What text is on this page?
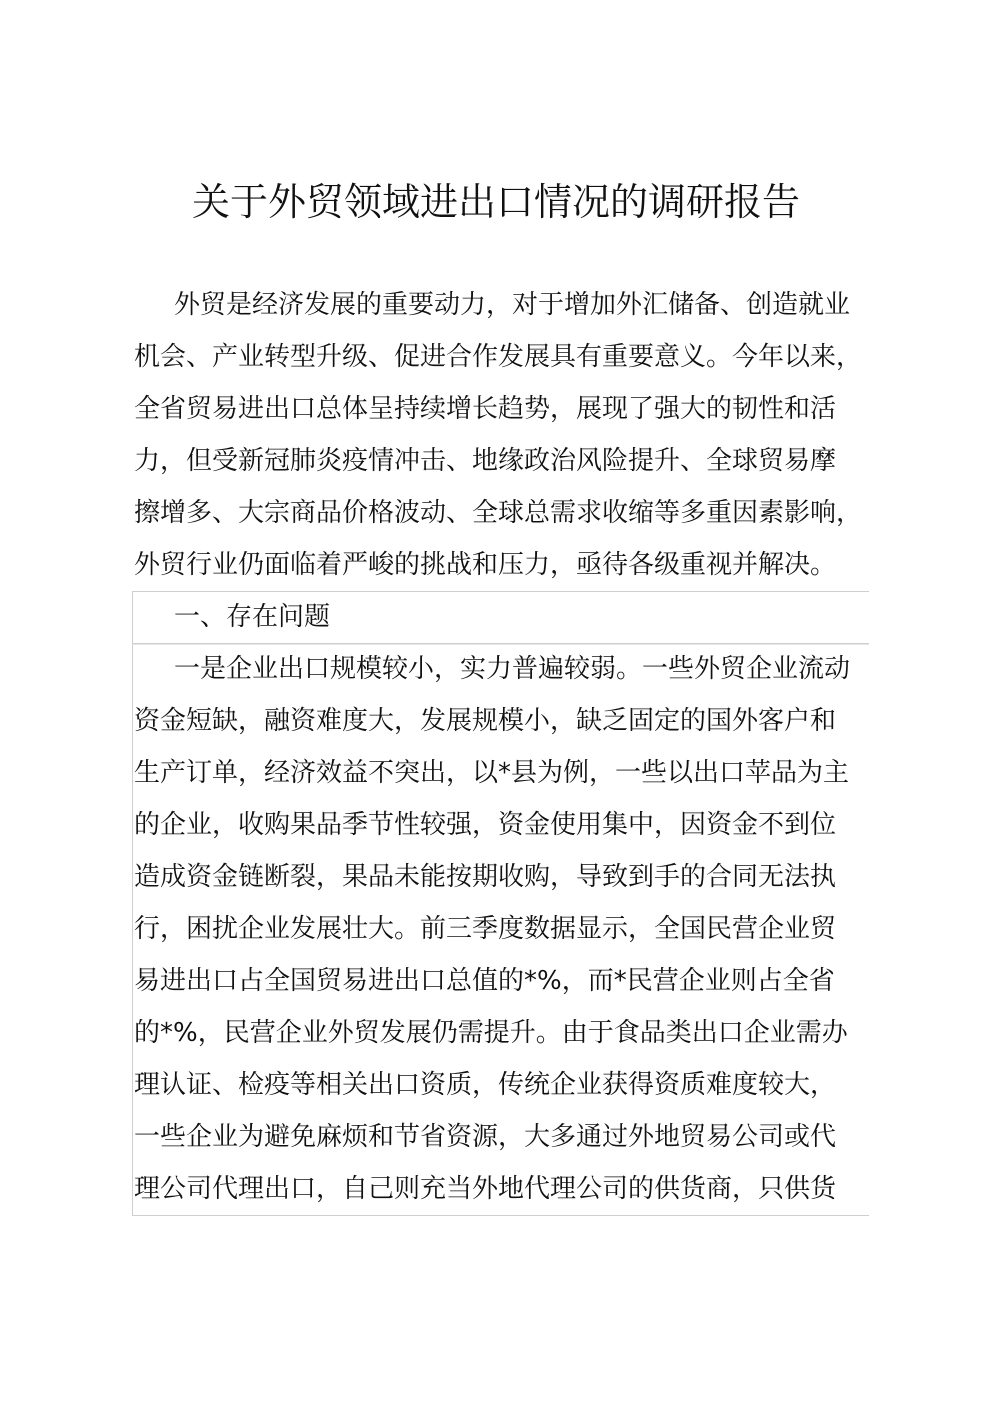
关于外贸领域进出口情况的调研报告

外贸是经济发展的重要动力，对于增加外汇储备、创造就业

机会、产业转型升级、促进合作发展具有重要意义。今年以来，

全省贸易进出口总体呈持续增长趋势，展现了强大的韧性和活

力，但受新冠肺炎疫情冲击、地缘政治风险提升、全球贸易摩

擦增多、大宗商品价格波动、全球总需求收缩等多重因素影响，

外贸行业仍面临着严峻的挑战和压力，亟待各级重视并解决。

一、存在问题

一是企业出口规模较小，实力普遍较弱。一些外贸企业流动

资金短缺，融资难度大，发展规模小，缺乏固定的国外客户和

生产订单，经济效益不突出，以*县为例，一些以出口苹品为主

的企业，收购果品季节性较强，资金使用集中，因资金不到位

造成资金链断裂，果品未能按期收购，导致到手的合同无法执

行，困扰企业发展壮大。前三季度数据显示，全国民营企业贸

易进出口占全国贸易进出口总值的*%，而*民营企业则占全省

的*%，民营企业外贸发展仍需提升。由于食品类出口企业需办

理认证、检疫等相关出口资质，传统企业获得资质难度较大，

一些企业为避免麻烦和节省资源，大多通过外地贸易公司或代

理公司代理出口，自己则充当外地代理公司的供货商，只供货
